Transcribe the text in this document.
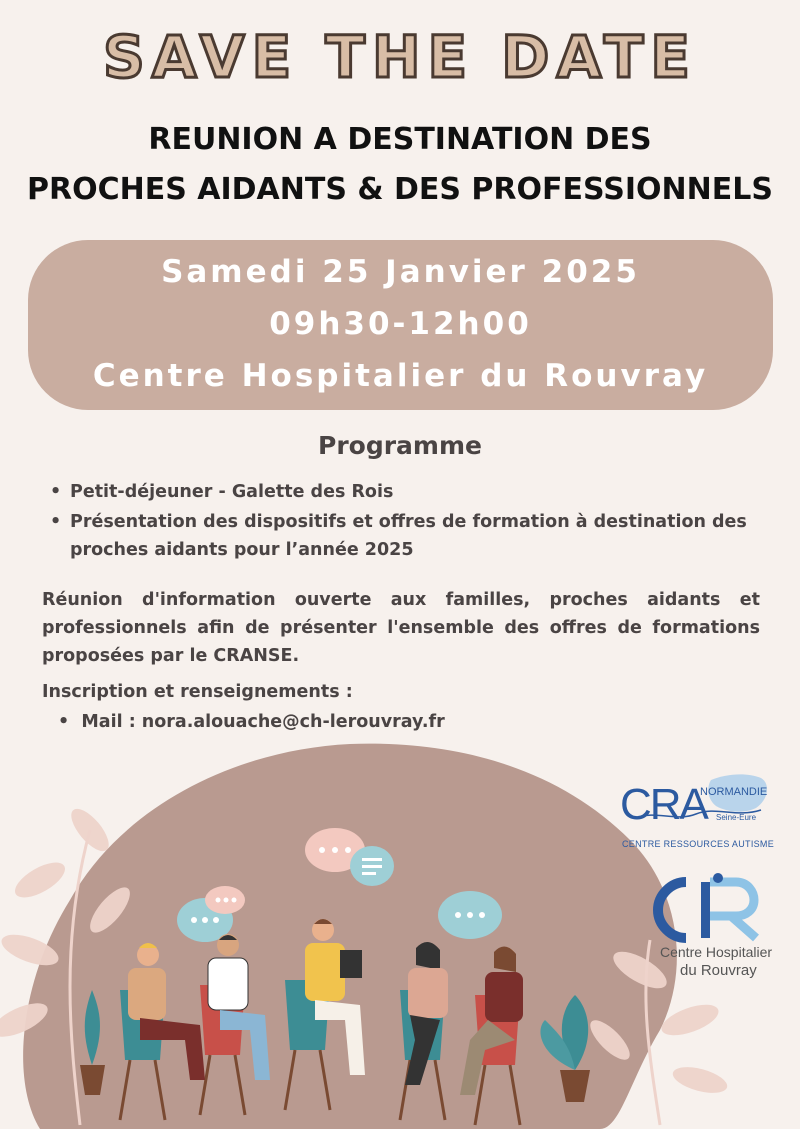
SAVE THE DATE
REUNION A DESTINATION DES
PROCHES AIDANTS & DES PROFESSIONNELS
Samedi 25 Janvier 2025
09h30-12h00
Centre Hospitalier du Rouvray
Programme
• Petit-déjeuner - Galette des Rois
• Présentation des dispositifs et offres de formation à destination des proches aidants pour l’année 2025
Réunion d'information ouverte aux familles, proches aidants et professionnels afin de présenter l'ensemble des offres de formations proposées par le CRANSE.
Inscription et renseignements :
•  Mail : nora.alouache@ch-lerouvray.fr
CRA
NORMANDIE
Seine-Eure
CENTRE RESSOURCES AUTISME
Centre Hospitalier
du Rouvray
